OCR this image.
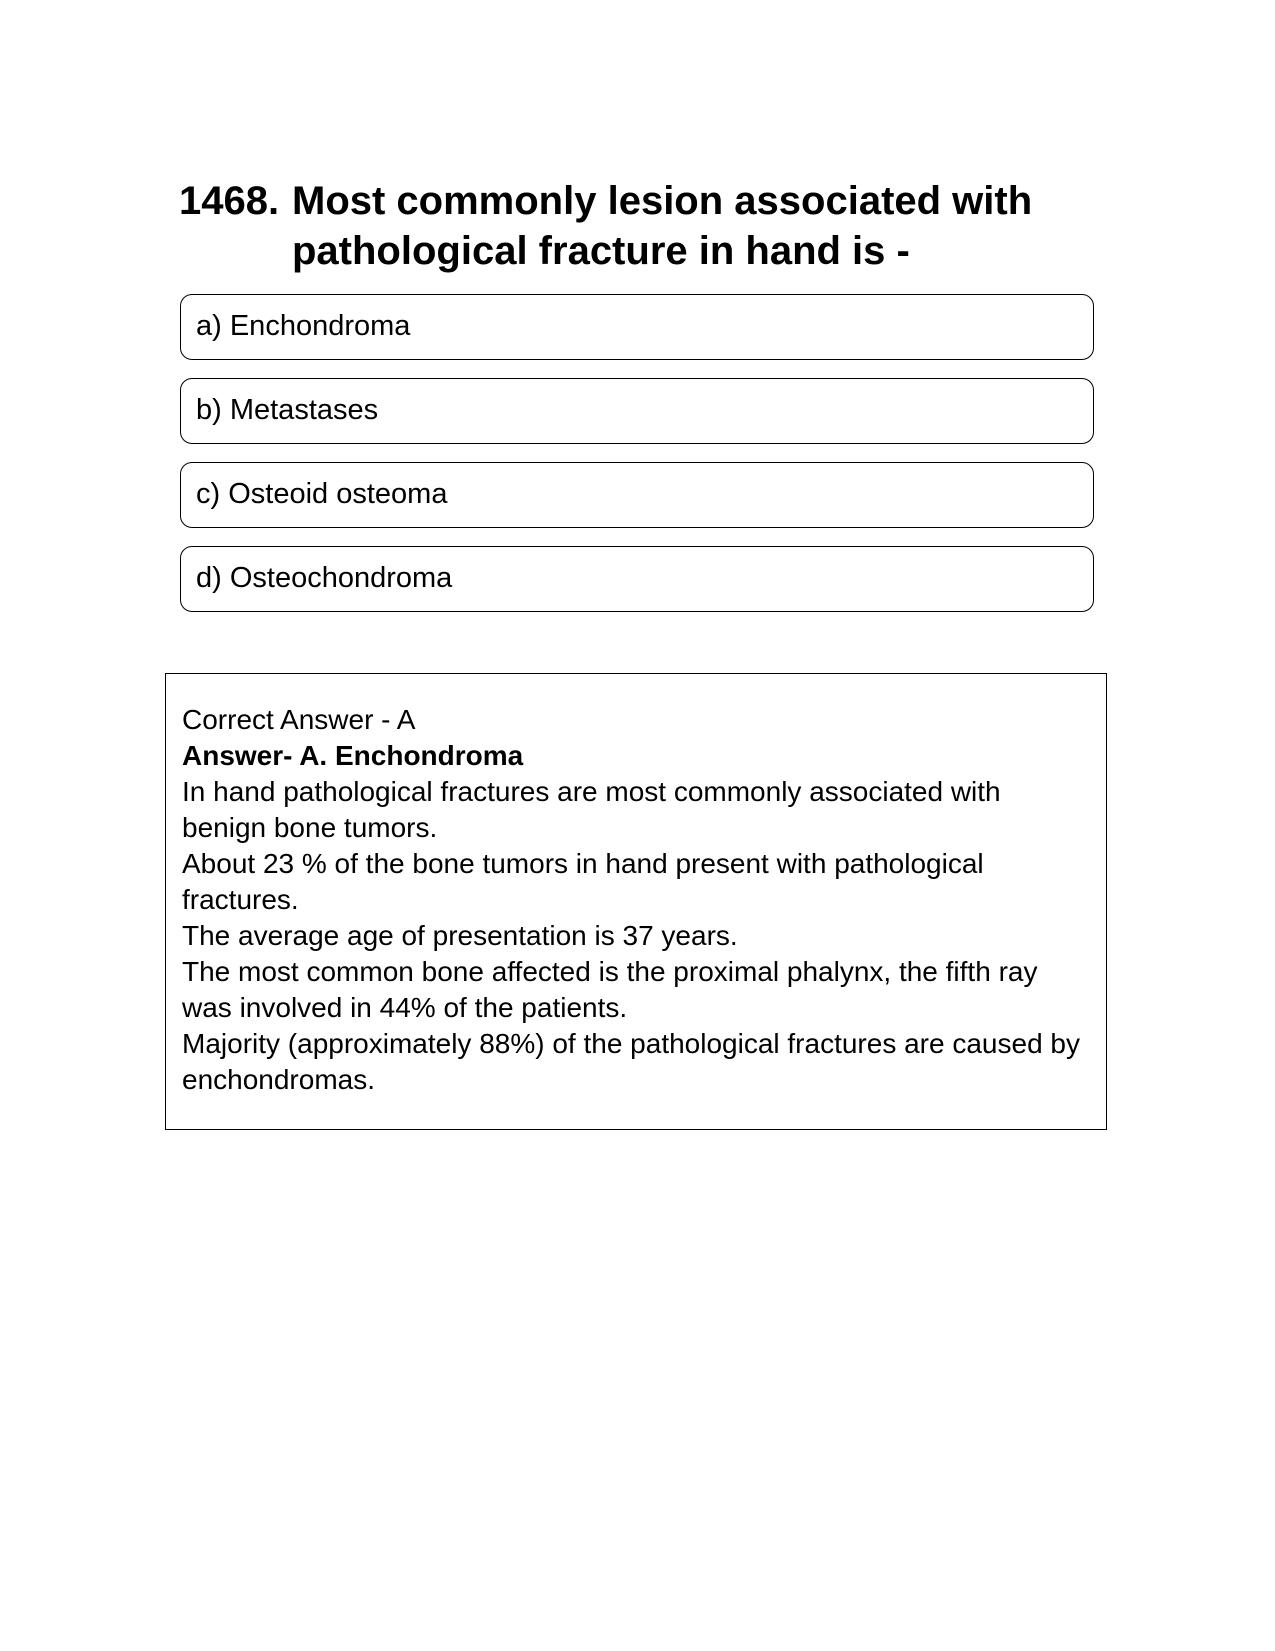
1468. Most commonly lesion associated with pathological fracture in hand is -
a) Enchondroma
b) Metastases
c) Osteoid osteoma
d) Osteochondroma

Correct Answer - A

Answer- A. Enchondroma

In hand pathological fractures are most commonly associated with benign bone tumors.

About 23 % of the bone tumors in hand present with pathological fractures.

The average age of presentation is 37 years.

The most common bone affected is the proximal phalynx, the fifth ray was involved in 44% of the patients.

Majority (approximately 88%) of the pathological fractures are caused by enchondromas.
